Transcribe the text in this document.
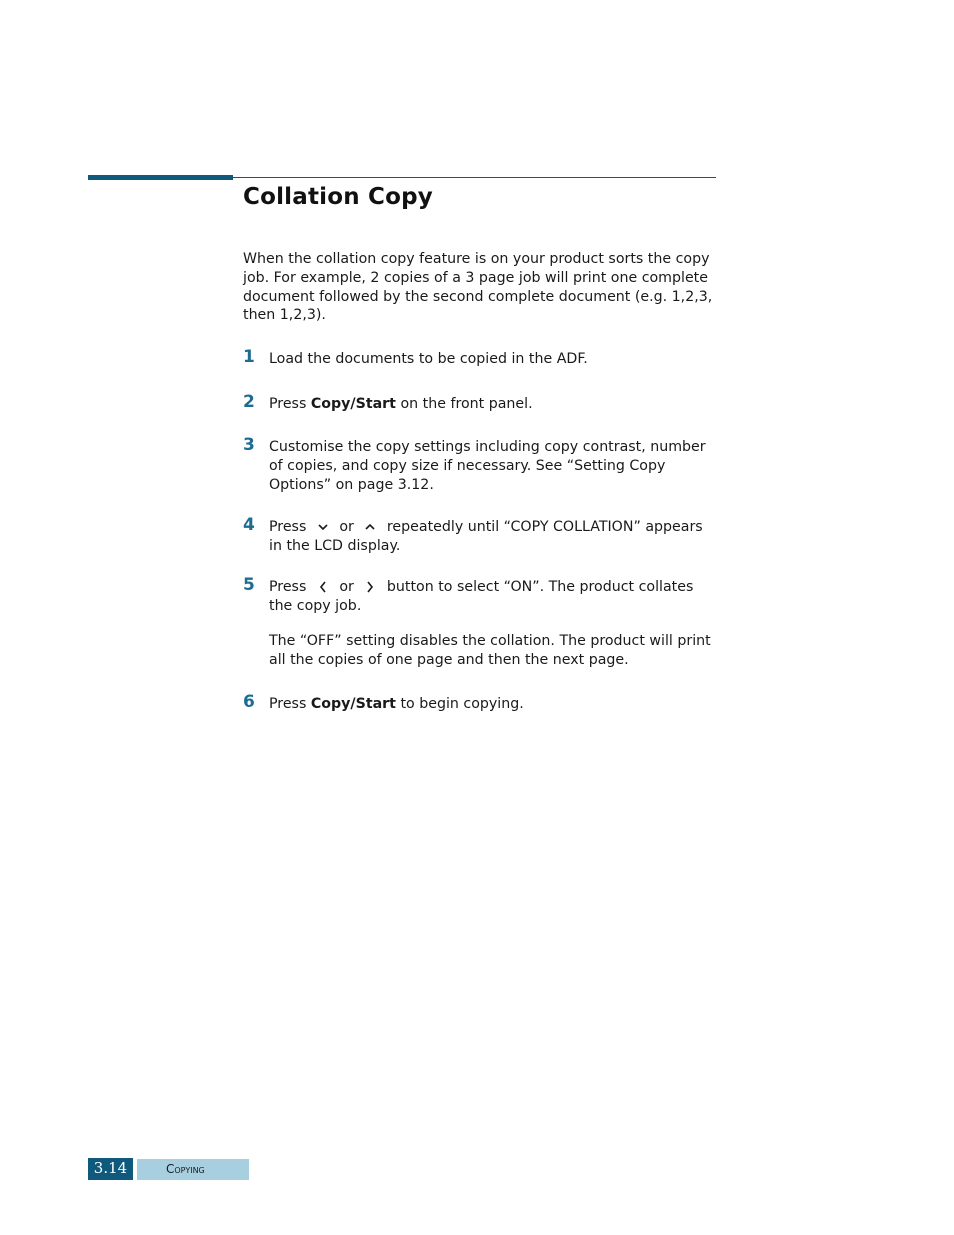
Collation Copy

When the collation copy feature is on your product sorts the copy job. For example, 2 copies of a 3 page job will print one complete document followed by the second complete document (e.g. 1,2,3, then 1,2,3).

1 Load the documents to be copied in the ADF.

2 Press Copy/Start on the front panel.

3 Customise the copy settings including copy contrast, number of copies, and copy size if necessary. See “Setting Copy Options” on page 3.12.

4 Press
or
repeatedly until “COPY COLLATION” appears in the LCD display.

5 Press
or
button to select “ON”. The product collates the copy job.

The “OFF” setting disables the collation. The product will print all the copies of one page and then the next page.

6 Press Copy/Start to begin copying.

3.14	Copying
